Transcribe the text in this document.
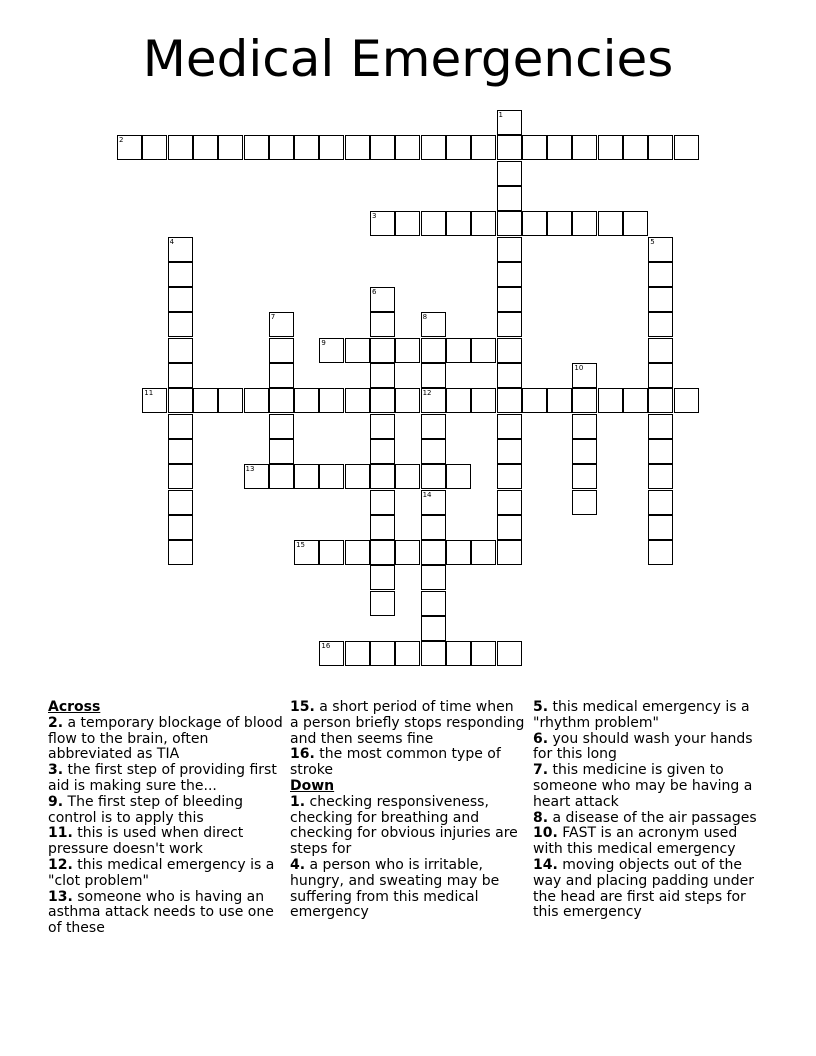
Medical Emergencies
1
2
3
4	5
6
7	8
12
9
10
11
13
14
15
16

Across

2. a temporary blockage of blood flow to the brain, often abbreviated as TIA

3. the first step of providing first aid is making sure the...

9. The first step of bleeding control is to apply this

11. this is used when direct pressure doesn't work

12. this medical emergency is a "clot problem"

13. someone who is having an asthma attack needs to use one of these

15. a short period of time when a person briefly stops responding and then seems fine

16. the most common type of stroke

Down

1. checking responsiveness, checking for breathing and checking for obvious injuries are steps for

4. a person who is irritable, hungry, and sweating may be suffering from this medical emergency

5. this medical emergency is a "rhythm problem"

6. you should wash your hands for this long

7. this medicine is given to someone who may be having a heart attack

8. a disease of the air passages

10. FAST is an acronym used with this medical emergency

14. moving objects out of the way and placing padding under the head are first aid steps for this emergency
